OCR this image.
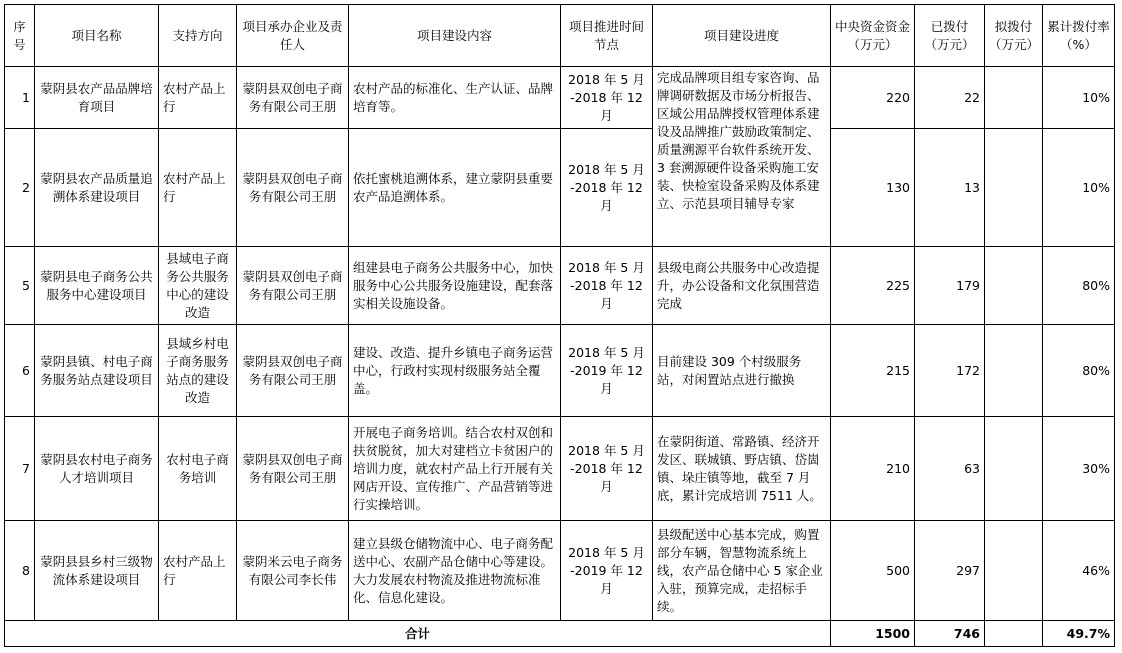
序号	项目名称	支持方向	项目承办企业及责任人	项目建设内容	项目推进时间节点	项目建设进度	中央资金资金（万元）	已拨付（万元）	拟拨付（万元）	累计拨付率（%）
1	蒙阴县农产品品牌培育项目	农村产品上行	蒙阴县双创电子商务有限公司王朋	农村产品的标准化、生产认证、品牌培育等。	2018 年 5 月 -2018 年 12 月	完成品牌项目组专家咨询、品牌调研数据及市场分析报告、区域公用品牌授权管理体系建设及品牌推广鼓励政策制定、质量溯源平台软件系统开发、3 套溯源硬件设备采购施工安装、快检室设备采购及体系建立、示范县项目辅导专家	220	22		10%
2	蒙阴县农产品质量追溯体系建设项目	农村产品上行	蒙阴县双创电子商务有限公司王朋	依托蜜桃追溯体系，建立蒙阴县重要农产品追溯体系。	2018 年 5 月 -2018 年 12 月		130	13		10%
5	蒙阴县电子商务公共服务中心建设项目	县域电子商务公共服务中心的建设改造	蒙阴县双创电子商务有限公司王朋	组建县电子商务公共服务中心，加快服务中心公共服务设施建设，配套落实相关设施设备。	2018 年 5 月 -2018 年 12 月	县级电商公共服务中心改造提升，办公设备和文化氛围营造完成	225	179		80%
6	蒙阴县镇、村电子商务服务站点建设项目	县域乡村电子商务服务站点的建设改造	蒙阴县双创电子商务有限公司王朋	建设、改造、提升乡镇电子商务运营中心，行政村实现村级服务站全覆盖。	2018 年 5 月 -2019 年 12 月	目前建设 309 个村级服务站，对闲置站点进行撤换	215	172		80%
7	蒙阴县农村电子商务人才培训项目	农村电子商务培训	蒙阴县双创电子商务有限公司王朋	开展电子商务培训。结合农村双创和扶贫脱贫，加大对建档立卡贫困户的培训力度，就农村产品上行开展有关网店开设、宣传推广、产品营销等进行实操培训。	2018 年 5 月 -2018 年 12 月	在蒙阴街道、常路镇、经济开发区、联城镇、野店镇、岱崮镇、垛庄镇等地，截至 7 月底，累计完成培训 7511 人。	210	63		30%
8	蒙阴县县乡村三级物流体系建设项目	农村产品上行	蒙阴米云电子商务有限公司李长伟	建立县级仓储物流中心、电子商务配送中心、农副产品仓储中心等建设。大力发展农村物流及推进物流标准化、信息化建设。	2018 年 5 月 -2019 年 12 月	县级配送中心基本完成，购置部分车辆，智慧物流系统上线，农产品仓储中心 5 家企业入驻，预算完成，走招标手续。	500	297		46%
合计							1500	746		49.7%
